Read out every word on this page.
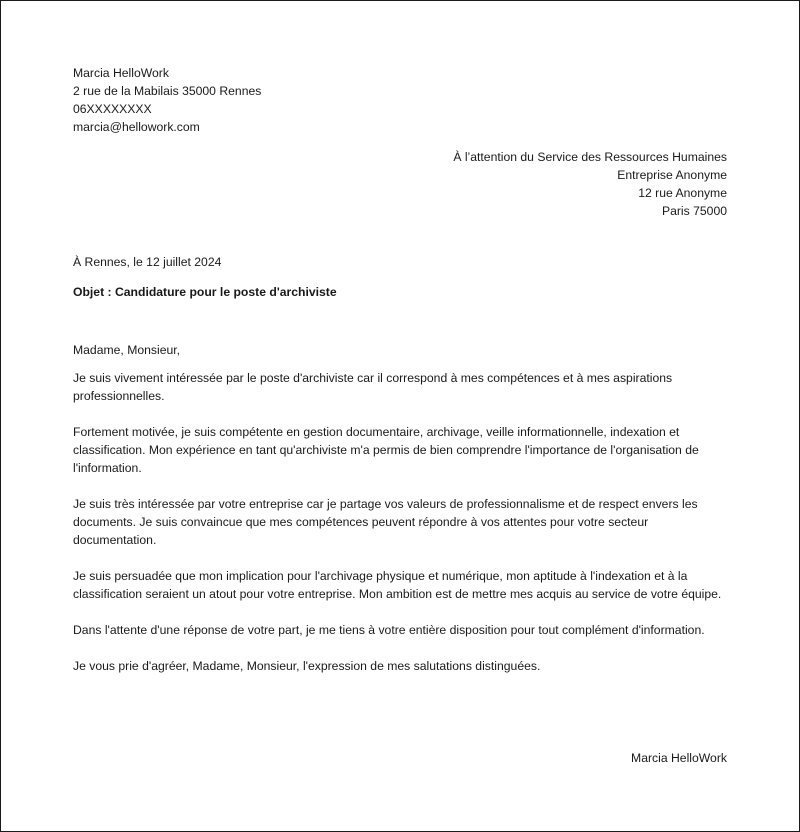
Marcia HelloWork
2 rue de la Mabilais 35000 Rennes
06XXXXXXXX
marcia@hellowork.com
À l’attention du Service des Ressources Humaines
Entreprise Anonyme
12 rue Anonyme
Paris 75000
À Rennes, le 12 juillet 2024
Objet : Candidature pour le poste d'archiviste

Madame, Monsieur,

Je suis vivement intéressée par le poste d'archiviste car il correspond à mes compétences et à mes aspirations professionnelles.

Fortement motivée, je suis compétente en gestion documentaire, archivage, veille informationnelle, indexation et classification. Mon expérience en tant qu'archiviste m'a permis de bien comprendre l'importance de l'organisation de l'information.

Je suis très intéressée par votre entreprise car je partage vos valeurs de professionnalisme et de respect envers les documents. Je suis convaincue que mes compétences peuvent répondre à vos attentes pour votre secteur documentation.

Je suis persuadée que mon implication pour l'archivage physique et numérique, mon aptitude à l'indexation et à la classification seraient un atout pour votre entreprise. Mon ambition est de mettre mes acquis au service de votre équipe.

Dans l'attente d'une réponse de votre part, je me tiens à votre entière disposition pour tout complément d'information.

Je vous prie d'agréer, Madame, Monsieur, l'expression de mes salutations distinguées.

Marcia HelloWork
